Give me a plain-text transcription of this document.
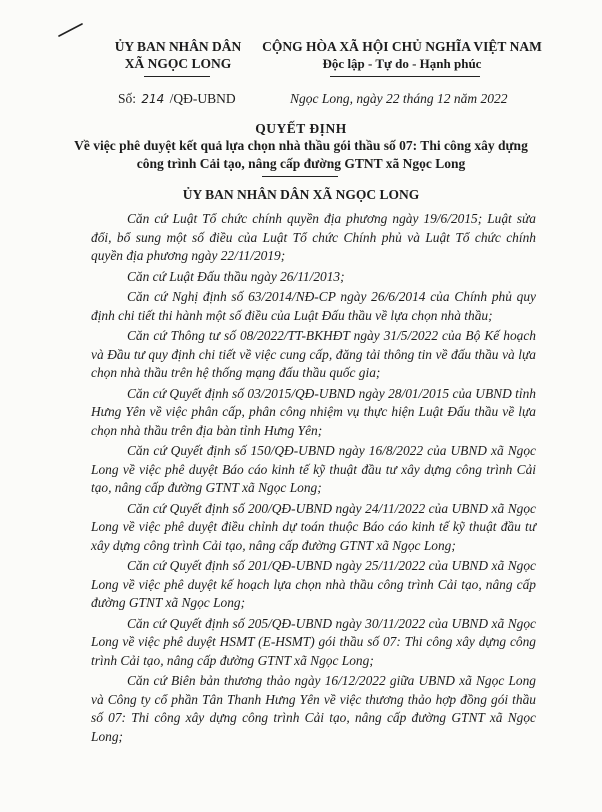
ỦY BAN NHÂN DÂN
XÃ NGỌC LONG
CỘNG HÒA XÃ HỘI CHỦ NGHĨA VIỆT NAM
Độc lập - Tự do - Hạnh phúc
Số: 214 /QĐ-UBND	Ngọc Long, ngày 22 tháng 12 năm 2022
QUYẾT ĐỊNH
Về việc phê duyệt kết quả lựa chọn nhà thầu gói thầu số 07: Thi công xây dựng công trình Cải tạo, nâng cấp đường GTNT xã Ngọc Long
ỦY BAN NHÂN DÂN XÃ NGỌC LONG

Căn cứ Luật Tổ chức chính quyền địa phương ngày 19/6/2015; Luật sửa đổi, bổ sung một số điều của Luật Tổ chức Chính phủ và Luật Tổ chức chính quyền địa phương ngày 22/11/2019;

Căn cứ Luật Đấu thầu ngày 26/11/2013;

Căn cứ Nghị định số 63/2014/NĐ-CP ngày 26/6/2014 của Chính phủ quy định chi tiết thi hành một số điều của Luật Đấu thầu về lựa chọn nhà thầu;

Căn cứ Thông tư số 08/2022/TT-BKHĐT ngày 31/5/2022 của Bộ Kế hoạch và Đầu tư quy định chi tiết về việc cung cấp, đăng tải thông tin về đấu thầu và lựa chọn nhà thầu trên hệ thống mạng đấu thầu quốc gia;

Căn cứ Quyết định số 03/2015/QĐ-UBND ngày 28/01/2015 của UBND tỉnh Hưng Yên về việc phân cấp, phân công nhiệm vụ thực hiện Luật Đấu thầu về lựa chọn nhà thầu trên địa bàn tỉnh Hưng Yên;

Căn cứ Quyết định số 150/QĐ-UBND ngày 16/8/2022 của UBND xã Ngọc Long về việc phê duyệt Báo cáo kinh tế kỹ thuật đầu tư xây dựng công trình Cải tạo, nâng cấp đường GTNT xã Ngọc Long;

Căn cứ Quyết định số 200/QĐ-UBND ngày 24/11/2022 của UBND xã Ngọc Long về việc phê duyệt điều chỉnh dự toán thuộc Báo cáo kinh tế kỹ thuật đầu tư xây dựng công trình Cải tạo, nâng cấp đường GTNT xã Ngọc Long;

Căn cứ Quyết định số 201/QĐ-UBND ngày 25/11/2022 của UBND xã Ngọc Long về việc phê duyệt kế hoạch lựa chọn nhà thầu công trình Cải tạo, nâng cấp đường GTNT xã Ngọc Long;

Căn cứ Quyết định số 205/QĐ-UBND ngày 30/11/2022 của UBND xã Ngọc Long về việc phê duyệt HSMT (E-HSMT) gói thầu số 07: Thi công xây dựng công trình Cải tạo, nâng cấp đường GTNT xã Ngọc Long;

Căn cứ Biên bản thương thảo ngày 16/12/2022 giữa UBND xã Ngọc Long và Công ty cổ phần Tân Thanh Hưng Yên về việc thương thảo hợp đồng gói thầu số 07: Thi công xây dựng công trình Cải tạo, nâng cấp đường GTNT xã Ngọc Long;
